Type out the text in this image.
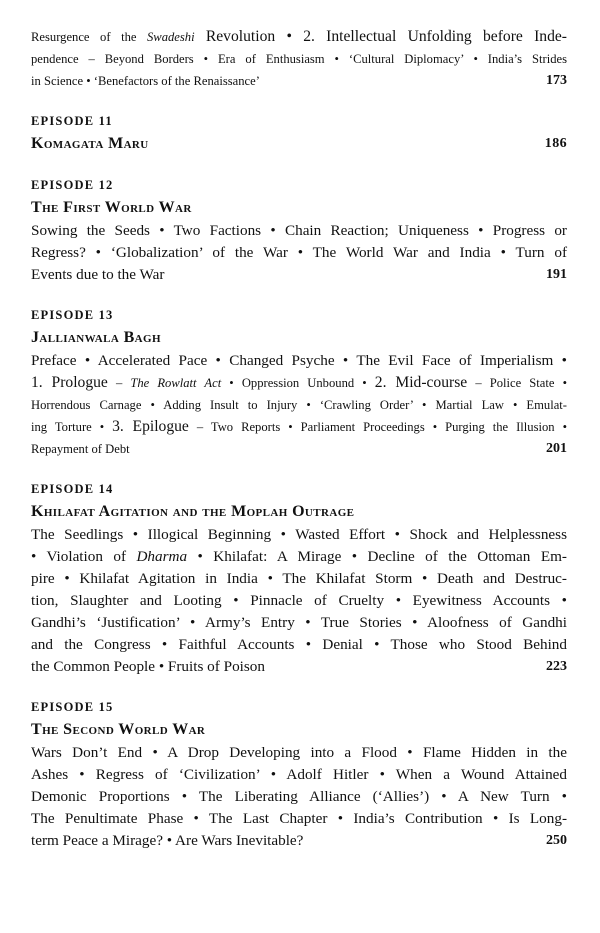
Resurgence of the Swadeshi Revolution • 2. Intellectual Unfolding before Inde-
pendence – Beyond Borders • Era of Enthusiasm • ‘Cultural Diplomacy’ • India’s Strides
in Science • ‘Benefactors of the Renaissance’	173
EPISODE 11
Komagata Maru	186
EPISODE 12
The First World War
Sowing the Seeds • Two Factions • Chain Reaction; Uniqueness • Progress or
Regress? • ‘Globalization’ of the War • The World War and India • Turn of
Events due to the War	191
EPISODE 13
Jallianwala Bagh
Preface • Accelerated Pace • Changed Psyche • The Evil Face of Imperialism •
1. Prologue – The Rowlatt Act • Oppression Unbound • 2. Mid-course – Police State •
Horrendous Carnage • Adding Insult to Injury • ‘Crawling Order’ • Martial Law • Emulat-
ing Torture • 3. Epilogue – Two Reports • Parliament Proceedings • Purging the Illusion •
Repayment of Debt	201
EPISODE 14
Khilafat Agitation and the Moplah Outrage
The Seedlings • Illogical Beginning • Wasted Effort • Shock and Helplessness
• Violation of Dharma • Khilafat: A Mirage • Decline of the Ottoman Em-
pire • Khilafat Agitation in India • The Khilafat Storm • Death and Destruc-
tion, Slaughter and Looting • Pinnacle of Cruelty • Eyewitness Accounts •
Gandhi’s ‘Justification’ • Army’s Entry • True Stories • Aloofness of Gandhi
and the Congress • Faithful Accounts • Denial • Those who Stood Behind
the Common People • Fruits of Poison	223
EPISODE 15
The Second World War
Wars Don’t End • A Drop Developing into a Flood • Flame Hidden in the
Ashes • Regress of ‘Civilization’ • Adolf Hitler • When a Wound Attained
Demonic Proportions • The Liberating Alliance (‘Allies’) • A New Turn •
The Penultimate Phase • The Last Chapter • India’s Contribution • Is Long-
term Peace a Mirage? • Are Wars Inevitable?	250
